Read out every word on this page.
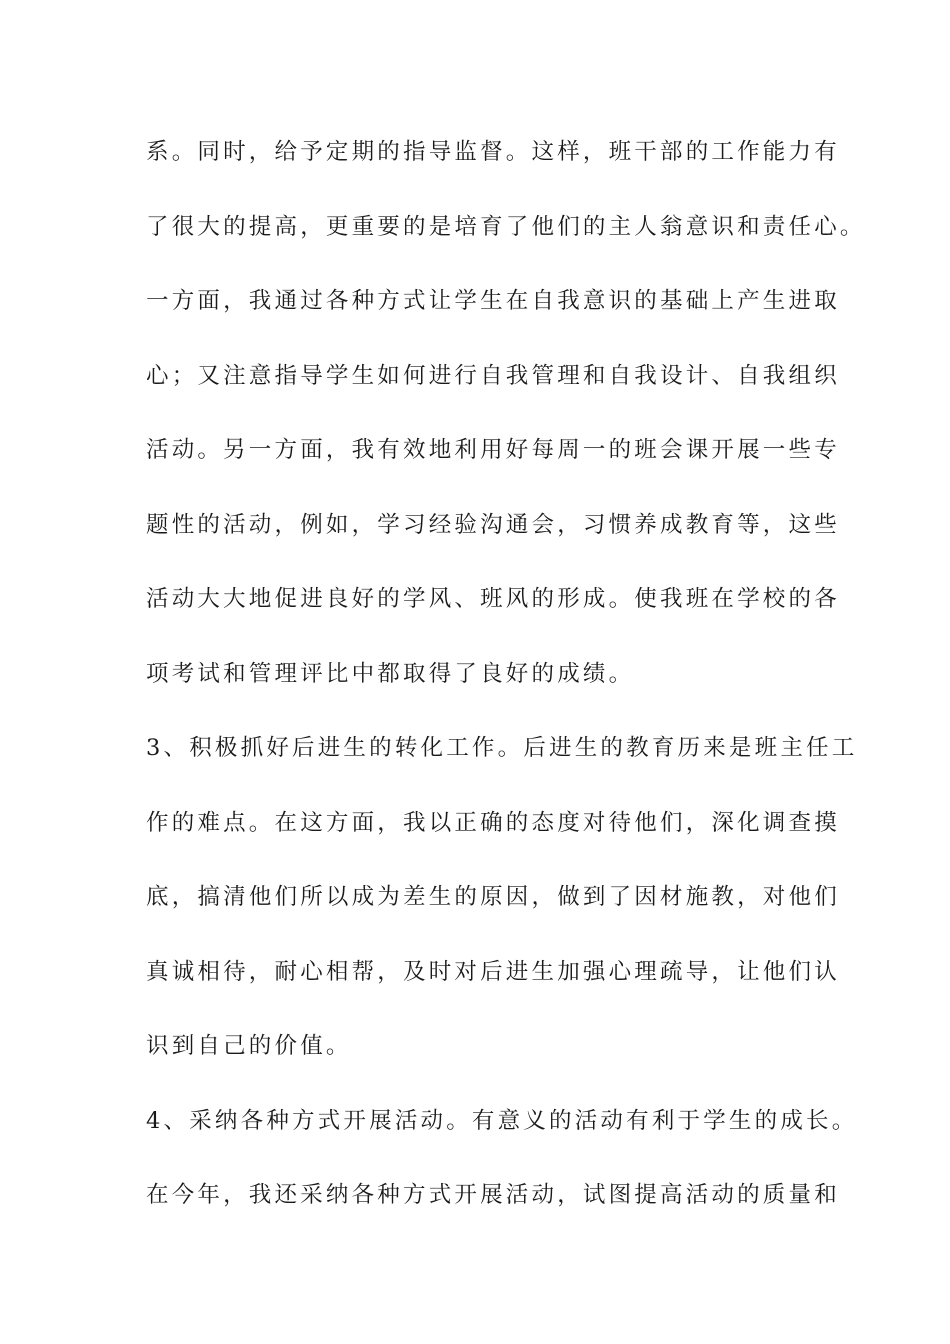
系。同时，给予定期的指导监督。这样，班干部的工作能力有
了很大的提高，更重要的是培育了他们的主人翁意识和责任心。
一方面，我通过各种方式让学生在自我意识的基础上产生进取
心；又注意指导学生如何进行自我管理和自我设计、自我组织
活动。另一方面，我有效地利用好每周一的班会课开展一些专
题性的活动，例如，学习经验沟通会，习惯养成教育等，这些
活动大大地促进良好的学风、班风的形成。使我班在学校的各
项考试和管理评比中都取得了良好的成绩。
3、积极抓好后进生的转化工作。后进生的教育历来是班主任工
作的难点。在这方面，我以正确的态度对待他们，深化调查摸
底，搞清他们所以成为差生的原因，做到了因材施教，对他们
真诚相待，耐心相帮，及时对后进生加强心理疏导，让他们认
识到自己的价值。
4、采纳各种方式开展活动。有意义的活动有利于学生的成长。
在今年，我还采纳各种方式开展活动，试图提高活动的质量和
